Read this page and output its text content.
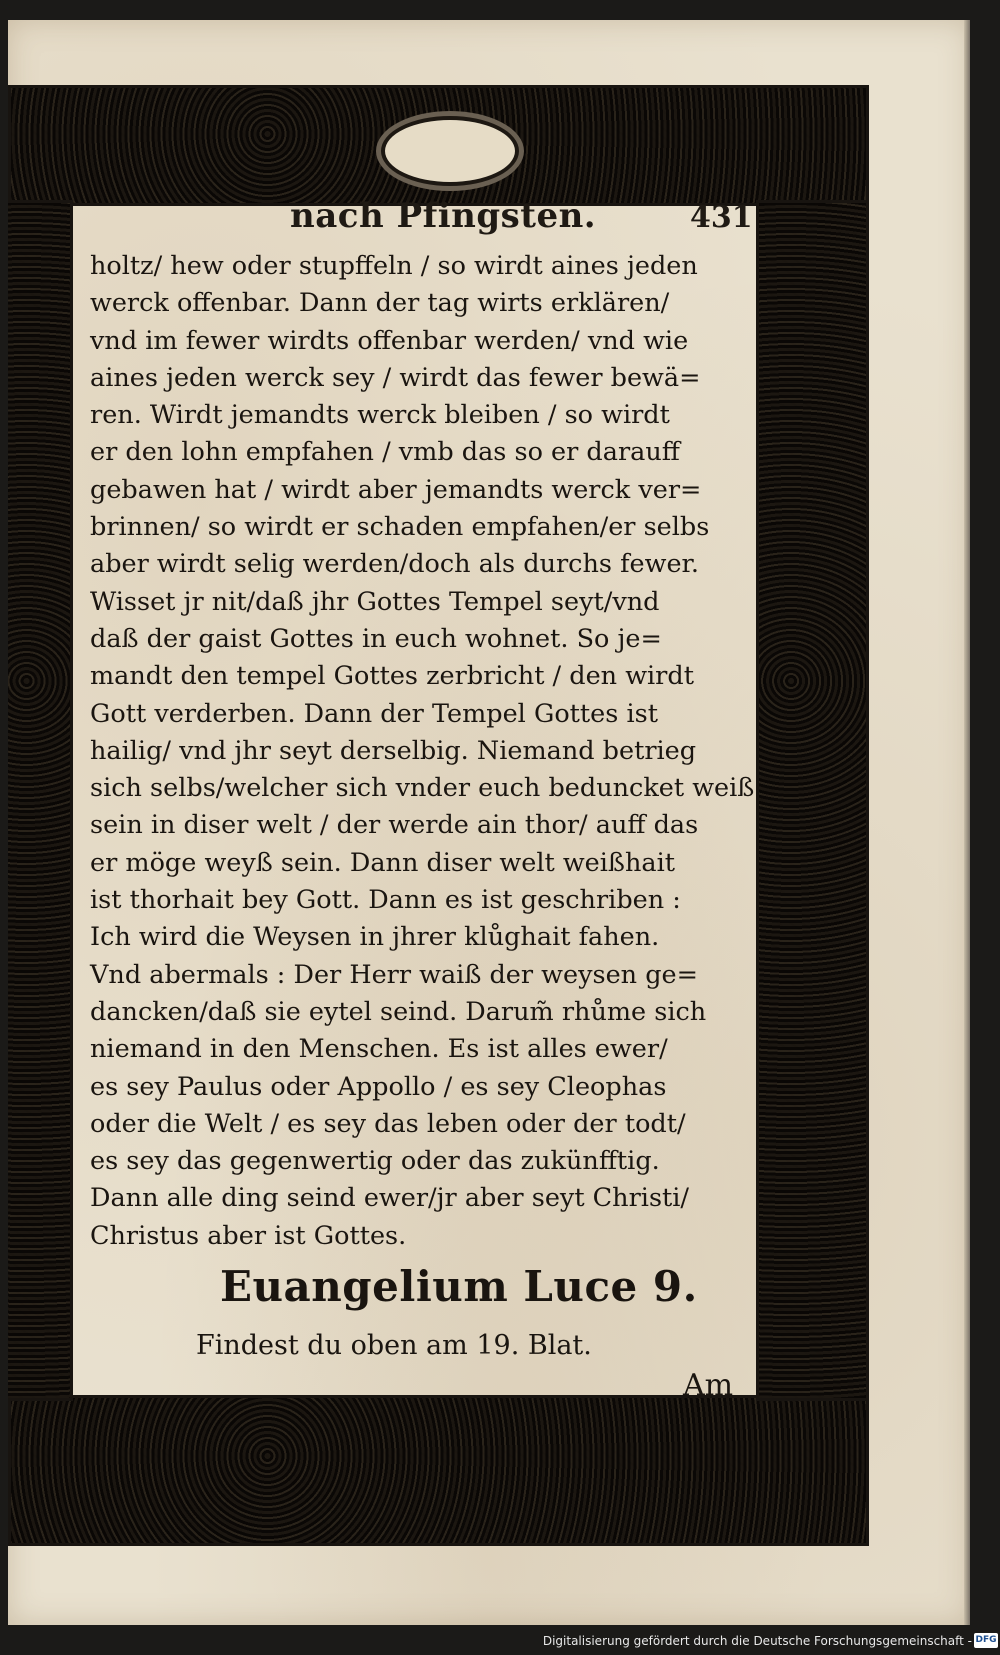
nach Pfingsten.	431
holtz/ hew oder stupffeln / so wirdt aines jeden
werck offenbar. Dann der tag wirts erklären/
vnd im fewer wirdts offenbar werden/ vnd wie
aines jeden werck sey / wirdt das fewer bewä=
ren. Wirdt jemandts werck bleiben / so wirdt
er den lohn empfahen / vmb das so er darauff
gebawen hat / wirdt aber jemandts werck ver=
brinnen/ so wirdt er schaden empfahen/er selbs
aber wirdt selig werden/doch als durchs fewer.
Wisset jr nit/daß jhr Gottes Tempel seyt/vnd
daß der gaist Gottes in euch wohnet. So je=
mandt den tempel Gottes zerbricht / den wirdt
Gott verderben. Dann der Tempel Gottes ist
hailig/ vnd jhr seyt derselbig. Niemand betrieg
sich selbs/welcher sich vnder euch beduncket weiß
sein in diser welt / der werde ain thor/ auff das
er möge weyß sein. Dann diser welt weißhait
ist thorhait bey Gott. Dann es ist geschriben :
Ich wird die Weysen in jhrer klůghait fahen.
Vnd abermals : Der Herr waiß der weysen ge=
dancken/daß sie eytel seind. Darum̃ rhůme sich
niemand in den Menschen. Es ist alles ewer/
es sey Paulus oder Appollo / es sey Cleophas
oder die Welt / es sey das leben oder der todt/
es sey das gegenwertig oder das zukünfftig.
Dann alle ding seind ewer/jr aber seyt Christi/
Christus aber ist Gottes.
Euangelium Luce 9.
Findest du oben am 19. Blat.
Am
Digitalisierung gefördert durch die Deutsche Forschungsgemeinschaft - DFG
